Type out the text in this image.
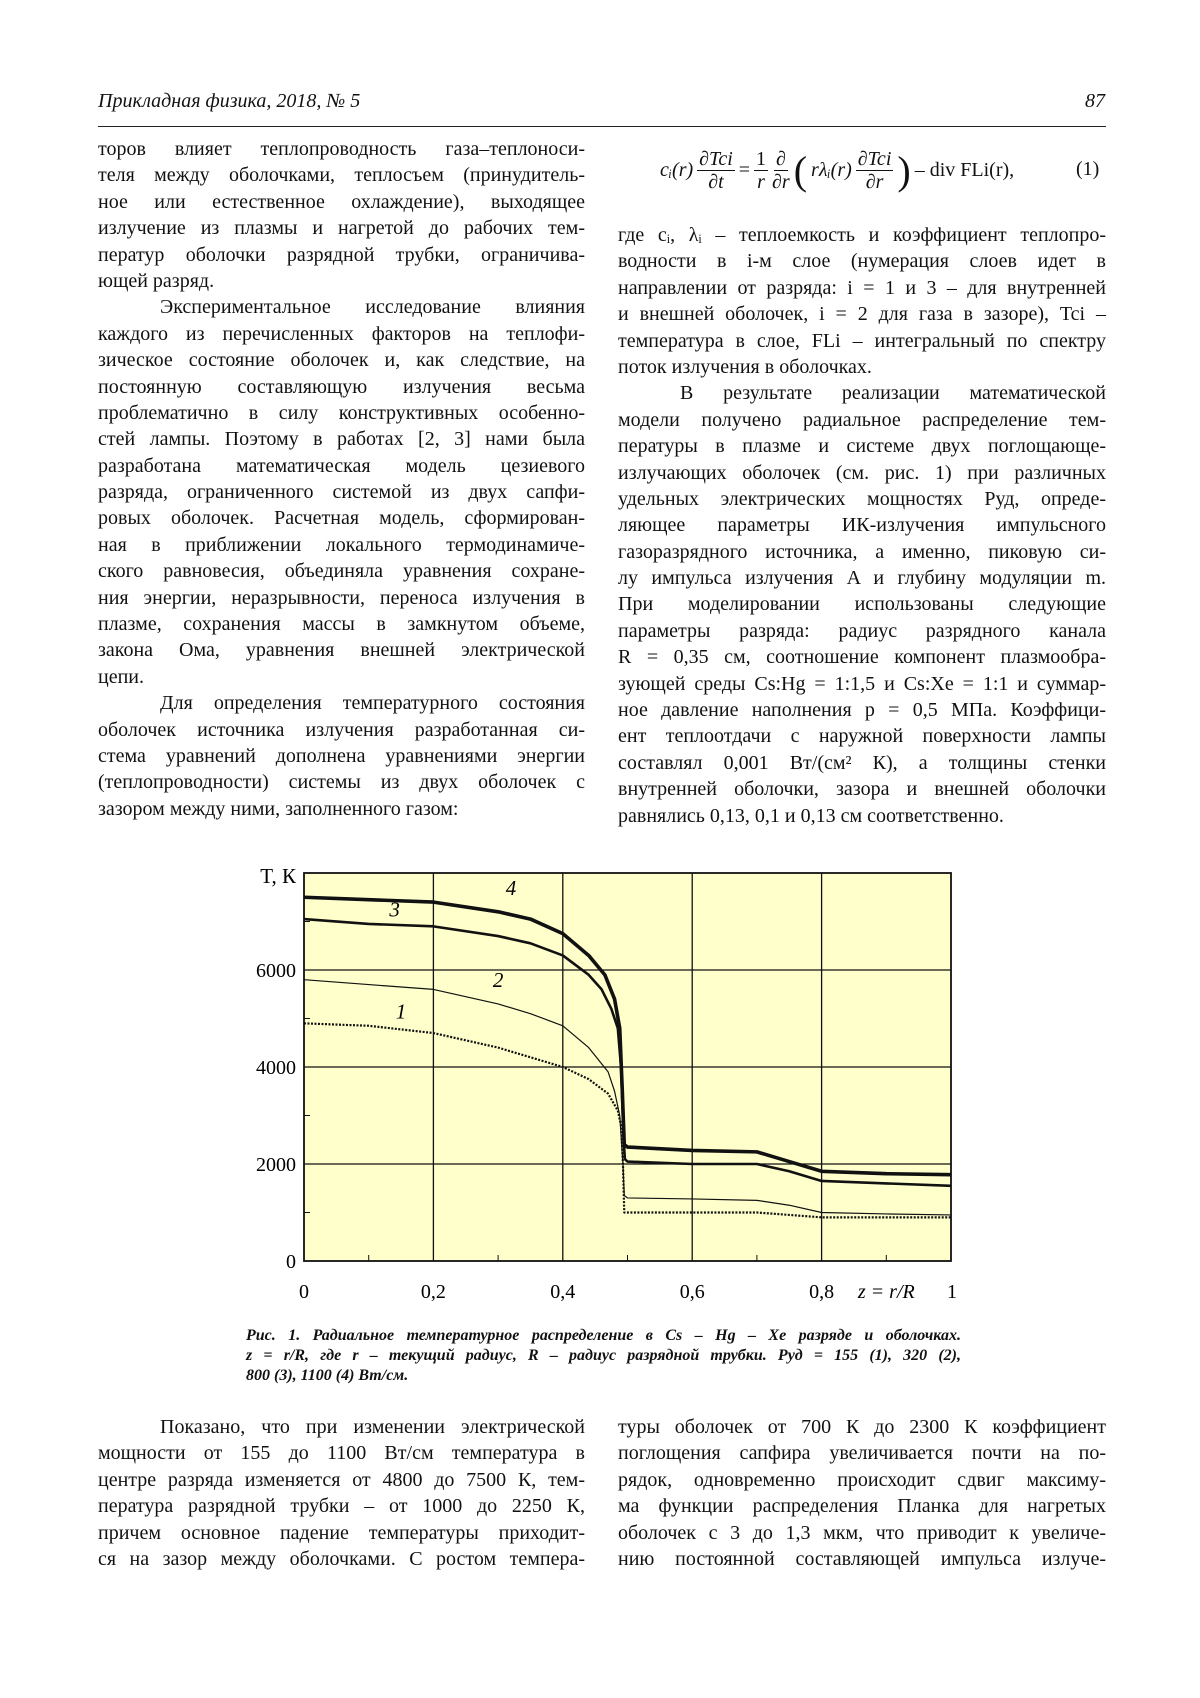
Прикладная физика, 2018, № 5	87
торов влияет теплопроводность газа–теплоноси-
теля между оболочками, теплосъем (принудитель-
ное или естественное охлаждение), выходящее
излучение из плазмы и нагретой до рабочих тем-
ператур оболочки разрядной трубки, ограничива-
ющей разряд.
Экспериментальное исследование влияния
каждого из перечисленных факторов на теплофи-
зическое состояние оболочек и, как следствие, на
постоянную составляющую излучения весьма
проблематично в силу конструктивных особенно-
стей лампы. Поэтому в работах [2, 3] нами была
разработана математическая модель цезиевого
разряда, ограниченного системой из двух сапфи-
ровых оболочек. Расчетная модель, сформирован-
ная в приближении локального термодинамиче-
ского равновесия, объединяла уравнения сохране-
ния энергии, неразрывности, переноса излучения в
плазме, сохранения массы в замкнутом объеме,
закона Ома, уравнения внешней электрической
цепи.
Для определения температурного состояния
оболочек источника излучения разработанная си-
стема уравнений дополнена уравнениями энергии
(теплопроводности) системы из двух оболочек с
зазором между ними, заполненного газом:
где cᵢ, λᵢ – теплоемкость и коэффициент теплопро-
водности в i-м слое (нумерация слоев идет в
направлении от разряда: i = 1 и 3 – для внутренней
и внешней оболочек, i = 2 для газа в зазоре), Tci –
температура в слое, FLi – интегральный по спектру
поток излучения в оболочках.
В результате реализации математической
модели получено радиальное распределение тем-
пературы в плазме и системе двух поглощающе-
излучающих оболочек (см. рис. 1) при различных
удельных электрических мощностях Pуд, опреде-
ляющее параметры ИК-излучения импульсного
газоразрядного источника, а именно, пиковую си-
лу импульса излучения A и глубину модуляции m.
При моделировании использованы следующие
параметры разряда: радиус разрядного канала
R = 0,35 см, соотношение компонент плазмообра-
зующей среды Cs:Hg = 1:1,5 и Cs:Xe = 1:1 и суммар-
ное давление наполнения p = 0,5 МПа. Коэффици-
ент теплоотдачи с наружной поверхности лампы
составлял 0,001 Вт/(см² К), а толщины стенки
внутренней оболочки, зазора и внешней оболочки
равнялись 0,13, 0,1 и 0,13 см соответственно.
Показано, что при изменении электрической
мощности от 155 до 1100 Вт/см температура в
центре разряда изменяется от 4800 до 7500 К, тем-
пература разрядной трубки – от 1000 до 2250 К,
причем основное падение температуры приходит-
ся на зазор между оболочками. С ростом темпера-
туры оболочек от 700 К до 2300 К коэффициент
поглощения сапфира увеличивается почти на по-
рядок, одновременно происходит сдвиг максиму-
ма функции распределения Планка для нагретых
оболочек с 3 до 1,3 мкм, что приводит к увеличе-
нию постоянной составляющей импульса излуче-
cᵢ(r) ∂Tci
∂t
= 1
r
∂
∂r ( rλᵢ(r) ∂Tci
∂r ) – div FLi(r),	(1)
1
2
3
4
0	0,2	0,4	0,6	0,8	1
0
2000
4000
6000
z = r/R
T, К
Рис. 1. Радиальное температурное распределение в Cs – Hg – Xe разряде и оболочках.
z = r/R, где r – текущий радиус, R – радиус разрядной трубки. Pуд = 155 (1), 320 (2),
800 (3), 1100 (4) Вт/см.
